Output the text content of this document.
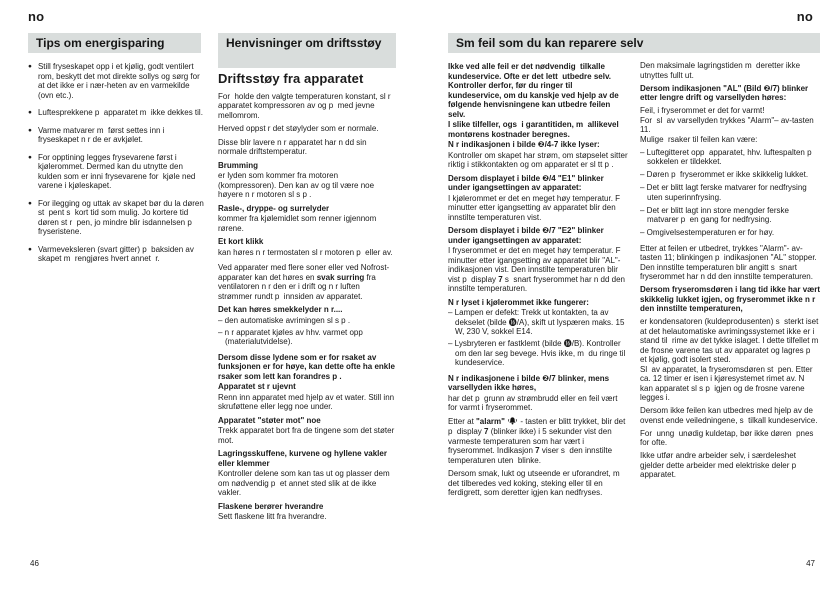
no	no
Tips om energisparing	Henvisninger om driftsstøy	Sm feil som du kan reparere selv
● Still fryseskapet opp i et kjølig, godt ventilert rom, beskytt det mot direkte sollys og sørg for at det ikke er i nær-heten av en varmekilde (ovn etc.).
● Luftesprekkene p  apparatet m  ikke dekkes til.
● Varme matvarer m  først settes inn i fryseskapet n r de er avkjølet.
● For opptining legges frysevarene først i kjølerommet. Dermed kan du utnytte den kulden som er inni frysevarene for  kjøle ned varene i kjøleskapet.
● For ilegging og uttak av skapet bør du la døren st  pent s  kort tid som mulig. Jo kortere tid døren st r  pen, jo mindre blir isdannelsen p  fryseristene.
● Varmeveksleren (svart gitter) p  baksiden av skapet m  rengjøres hvert annet  r.
Driftsstøy fra apparatet
For  holde den valgte temperaturen konstant, sl r apparatet kompressoren av og p  med jevne mellomrom.
Herved oppst r det støylyder som er normale.
Disse blir lavere n r apparatet har n dd sin normale driftstemperatur.
Brumming
er lyden som kommer fra motoren (kompressoren). Den kan av og til være noe høyere n r motoren sl s p .
Rasle-, dryppe- og surrelyder
kommer fra kjølemidlet som renner igjennom rørene.
Et kort klikk
kan høres n r termostaten sl r motoren p  eller av.
Ved apparater med flere soner eller ved Nofrost-apparater kan det høres en svak surring fra ventilatoren n r den er i drift og n r luften strømmer rundt p  innsiden av apparatet.
Det kan høres smekkelyder n r....
– den automatiske avrimingen sl s p .
– n r apparatet kjøles av hhv. varmet opp (materialutvidelse).
Dersom disse lydene som er for rsaket av funksjonen er for høye, kan dette ofte ha enkle  rsaker som lett kan forandres p .
Apparatet st r ujevnt
Renn inn apparatet med hjelp av et water. Still inn skruføttene eller legg noe under.
Apparatet "støter mot" noe
Trekk apparatet bort fra de tingene som det støter mot.
Lagringsskuffene, kurvene og hyllene vakler eller klemmer
Kontroller delene som kan tas ut og plasser dem om nødvendig p  et annet sted slik at de ikke vakler.
Flaskene berører hverandre
Sett flaskene litt fra hverandre.
Ikke ved alle feil er det nødvendig  tilkalle kundeservice. Ofte er det lett  utbedre selv. Kontroller derfor, før du ringer til kundeservice, om du kanskje ved hjelp av de følgende henvisningene kan utbedre feilen selv.
I slike tilfeller, ogs  i garantitiden, m  allikevel montørens kostnader beregnes.
N r indikasjonen i bilde ❷/4-7 ikke lyser:
Kontroller om skapet har strøm, om støpselet sitter riktig i stikkontakten og om apparatet er sl tt p .
Dersom displayet i bilde ❷/4 "E1" blinker under igangsettingen av apparatet:
I kjølerommet er det en meget høy temperatur. F  minutter etter igangsetting av apparatet blir den innstilte temperaturen vist.
Dersom displayet i bilde ❷/7 "E2" blinker under igangsettingen av apparatet:
I fryserommet er det en meget høy temperatur. F  minutter etter igangsetting av apparatet blir "AL"- indikasjonen vist. Den innstilte temperaturen blir vist p  display 7 s  snart fryserommet har n dd den innstilte temperaturen.
N r lyset i kjølerommet ikke fungerer:
– Lampen er defekt: Trekk ut kontakten, ta av dekselet (bilde ⓰/A), skift ut lyspæren maks. 15 W, 230 V, sokkel E14.
– Lysbryteren er fastklemt (bilde ⓰/B). Kontroller om den lar seg bevege. Hvis ikke, m  du ringe til kundeservice.
N r indikasjonene i bilde ❷/7 blinker, mens varsellyden ikke høres,
har det p  grunn av strømbrudd eller en feil vært for varmt i fryserommet.
Etter at "alarm"  - tasten er blitt trykket, blir det p  display 7 (blinker ikke) i 5 sekunder vist den varmeste temperaturen som har vært i fryserommet. Indikasjon 7 viser s  den innstilte temperaturen uten  blinke.
Dersom smak, lukt og utseende er uforandret, m  det tilberedes ved koking, steking eller til en ferdigrett, som deretter igjen kan nedfryses.
Den maksimale lagringstiden m  deretter ikke utnyttes fullt ut.
Dersom indikasjonen "AL" (Bild ❷/7) blinker etter lengre drift og varsellyden høres:
Feil, i fryserommet er det for varmt!
For  sl  av varsellyden trykkes "Alarm"– av-tasten 11.
Mulige  rsaker til feilen kan være:
– Luftegitteret opp  apparatet, hhv. luftespalten p  sokkelen er tildekket.
– Døren p  fryserommet er ikke skikkelig lukket.
– Det er blitt lagt ferske matvarer for nedfrysing uten superinnfrysing.
– Det er blitt lagt inn store mengder ferske matvarer p  en gang for nedfrysing.
– Omgivelsestemperaturen er for høy.
Etter at feilen er utbedret, trykkes "Alarm"- av-tasten 11; blinkingen p  indikasjonen "AL" stopper. Den innstilte temperaturen blir angitt s  snart fryserommet har n dd den innstilte temperaturen.
Dersom fryseromsdøren i lang tid ikke har vært skikkelig lukket igjen, og fryserommet ikke n r den innstilte temperaturen,
er kondensatoren (kuldeprodusenten) s  sterkt iset at det helautomatiske avrimingssystemet ikke er i stand til  rime av det tykke islaget. I dette tilfellet m  de frosne varene tas ut av apparatet og lagres p  et kjølig, godt isolert sted.
Sl  av apparatet, la fryseromsdøren st  pen. Etter ca. 12 timer er isen i kjøresystemet rimet av. N  kan apparatet sl s p  igjen og de frosne varene legges i.
Dersom ikke feilen kan utbedres med hjelp av de ovenst ende veiledningene, s  tilkall kundeservice.
For  unng  unødig kuldetap, bør ikke døren  pnes for ofte.
Ikke utfør andre arbeider selv, i særdeleshet gjelder dette arbeider med elektriske deler p  apparatet.
46	47
